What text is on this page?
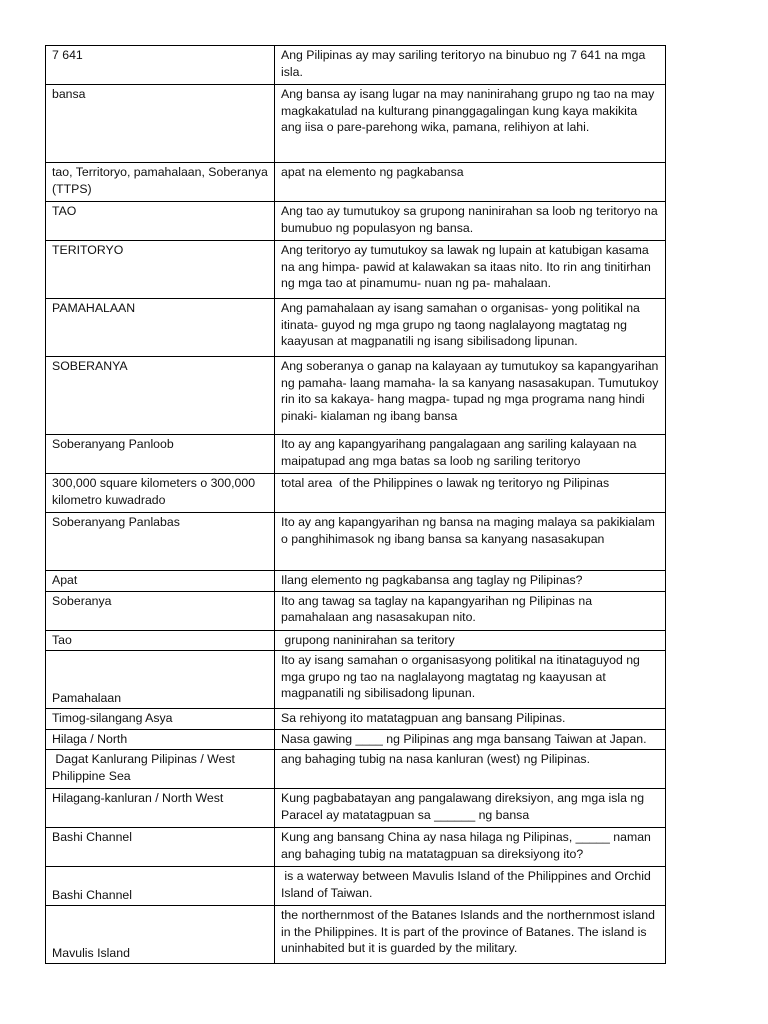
7 641	Ang Pilipinas ay may sariling teritoryo na binubuo ng 7 641 na mga isla.
bansa	Ang bansa ay isang lugar na may naninirahang grupo ng tao na may magkakatulad na kulturang pinanggagalingan kung kaya makikita ang iisa o pare-parehong wika, pamana, relihiyon at lahi.
tao, Territoryo, pamahalaan, Soberanya (TTPS)	apat na elemento ng pagkabansa
TAO	Ang tao ay tumutukoy sa grupong naninirahan sa loob ng teritoryo na bumubuo ng populasyon ng bansa.
TERITORYO	Ang teritoryo ay tumutukoy sa lawak ng lupain at katubigan kasama na ang himpa- pawid at kalawakan sa itaas nito. Ito rin ang tinitirhan ng mga tao at pinamumu- nuan ng pa- mahalaan.
PAMAHALAAN	Ang pamahalaan ay isang samahan o organisas- yong politikal na itinata- guyod ng mga grupo ng taong naglalayong magtatag ng kaayusan at magpanatili ng isang sibilisadong lipunan.
SOBERANYA	Ang soberanya o ganap na kalayaan ay tumutukoy sa kapangyarihan ng pamaha- laang mamaha- la sa kanyang nasasakupan. Tumutukoy rin ito sa kakaya- hang magpa- tupad ng mga programa nang hindi pinaki- kialaman ng ibang bansa
Soberanyang Panloob	Ito ay ang kapangyarihang pangalagaan ang sariling kalayaan na maipatupad ang mga batas sa loob ng sariling teritoryo
300,000 square kilometers o 300,000 kilometro kuwadrado	total area  of the Philippines o lawak ng teritoryo ng Pilipinas
Soberanyang Panlabas	Ito ay ang kapangyarihan ng bansa na maging malaya sa pakikialam o panghihimasok ng ibang bansa sa kanyang nasasakupan
Apat	Ilang elemento ng pagkabansa ang taglay ng Pilipinas?
Soberanya	Ito ang tawag sa taglay na kapangyarihan ng Pilipinas na pamahalaan ang nasasakupan nito.
Tao	grupong naninirahan sa teritory
Pamahalaan	Ito ay isang samahan o organisasyong politikal na itinataguyod ng mga grupo ng tao na naglalayong magtatag ng kaayusan at magpanatili ng sibilisadong lipunan.
Timog-silangang Asya	Sa rehiyong ito matatagpuan ang bansang Pilipinas.
Hilaga / North	Nasa gawing ____ ng Pilipinas ang mga bansang Taiwan at Japan.
Dagat Kanlurang Pilipinas / West Philippine Sea	ang bahaging tubig na nasa kanluran (west) ng Pilipinas.
Hilagang-kanluran / North West	Kung pagbabatayan ang pangalawang direksiyon, ang mga isla ng Paracel ay matatagpuan sa ______ ng bansa
Bashi Channel	Kung ang bansang China ay nasa hilaga ng Pilipinas, _____ naman ang bahaging tubig na matatagpuan sa direksiyong ito?
Bashi Channel	is a waterway between Mavulis Island of the Philippines and Orchid Island of Taiwan.
Mavulis Island	the northernmost of the Batanes Islands and the northernmost island in the Philippines. It is part of the province of Batanes. The island is uninhabited but it is guarded by the military.
